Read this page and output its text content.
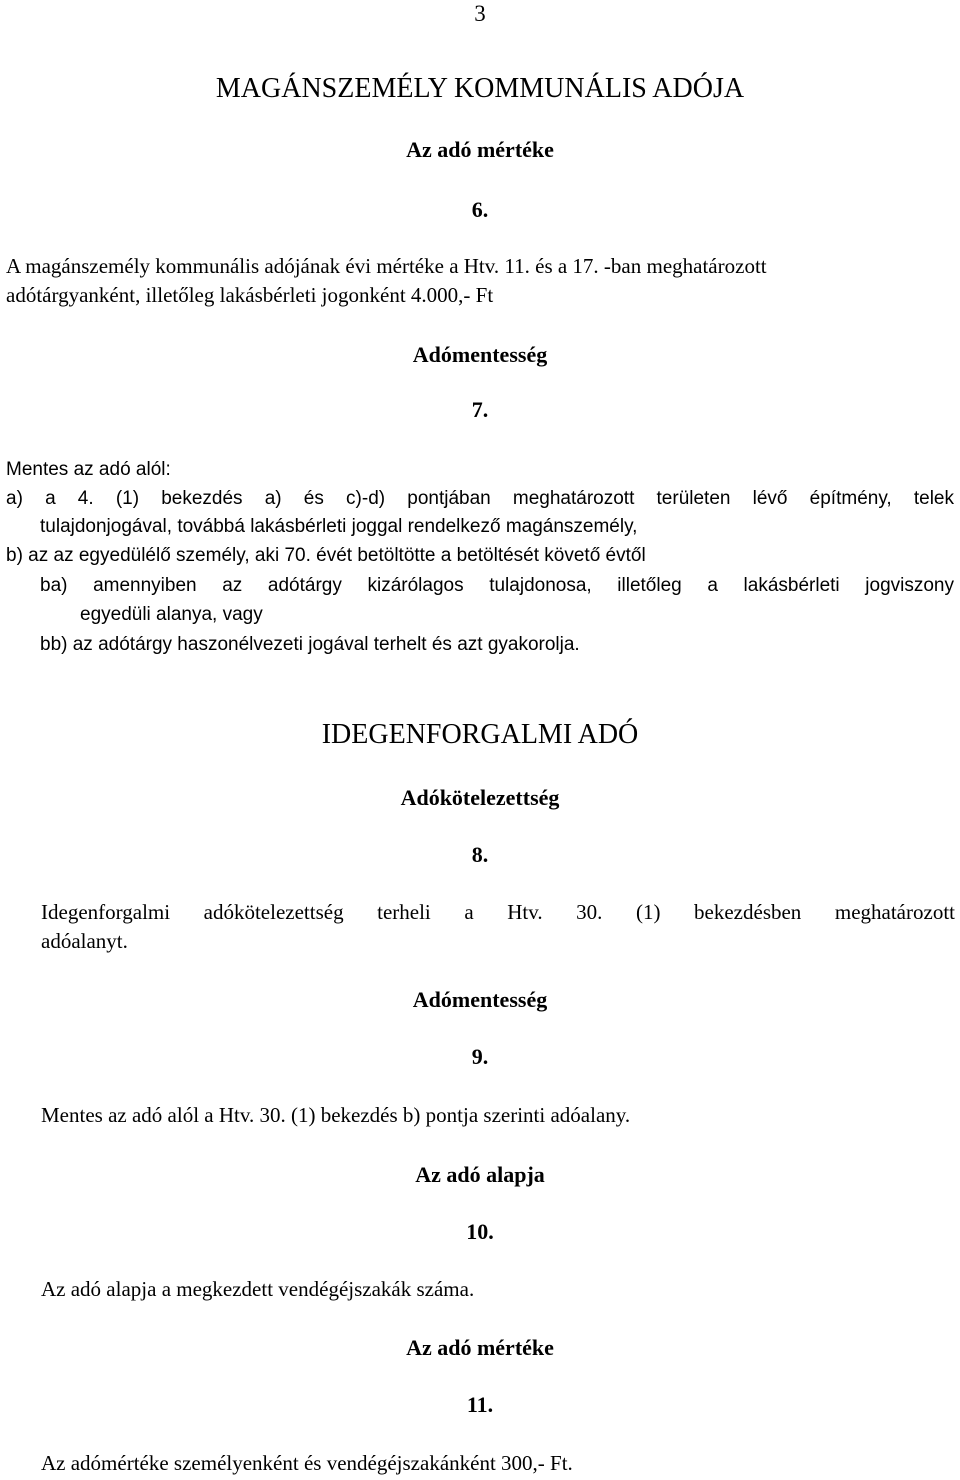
3
MAGÁNSZEMÉLY KOMMUNÁLIS ADÓJA
Az adó mértéke
6.
A magánszemély kommunális adójának évi mértéke a Htv. 11. és a 17. -ban meghatározott
adótárgyanként, illetőleg lakásbérleti jogonként 4.000,- Ft
Adómentesség
7.
Mentes az adó alól:
a) a 4. (1) bekezdés a) és c)-d) pontjában meghatározott területen lévő építmény, telek
tulajdonjogával, továbbá lakásbérleti joggal rendelkező magánszemély,
b) az az egyedülélő személy, aki 70. évét betöltötte a betöltését követő évtől
ba) amennyiben az adótárgy kizárólagos tulajdonosa, illetőleg a lakásbérleti jogviszony
egyedüli alanya, vagy
bb) az adótárgy haszonélvezeti jogával terhelt és azt gyakorolja.
IDEGENFORGALMI ADÓ
Adókötelezettség
8.
Idegenforgalmi adókötelezettség terheli a Htv. 30. (1) bekezdésben meghatározott
adóalanyt.
Adómentesség
9.
Mentes az adó alól a Htv. 30. (1) bekezdés b) pontja szerinti adóalany.
Az adó alapja
10.
Az adó alapja a megkezdett vendégéjszakák száma.
Az adó mértéke
11.
Az adómértéke személyenként és vendégéjszakánként 300,- Ft.
